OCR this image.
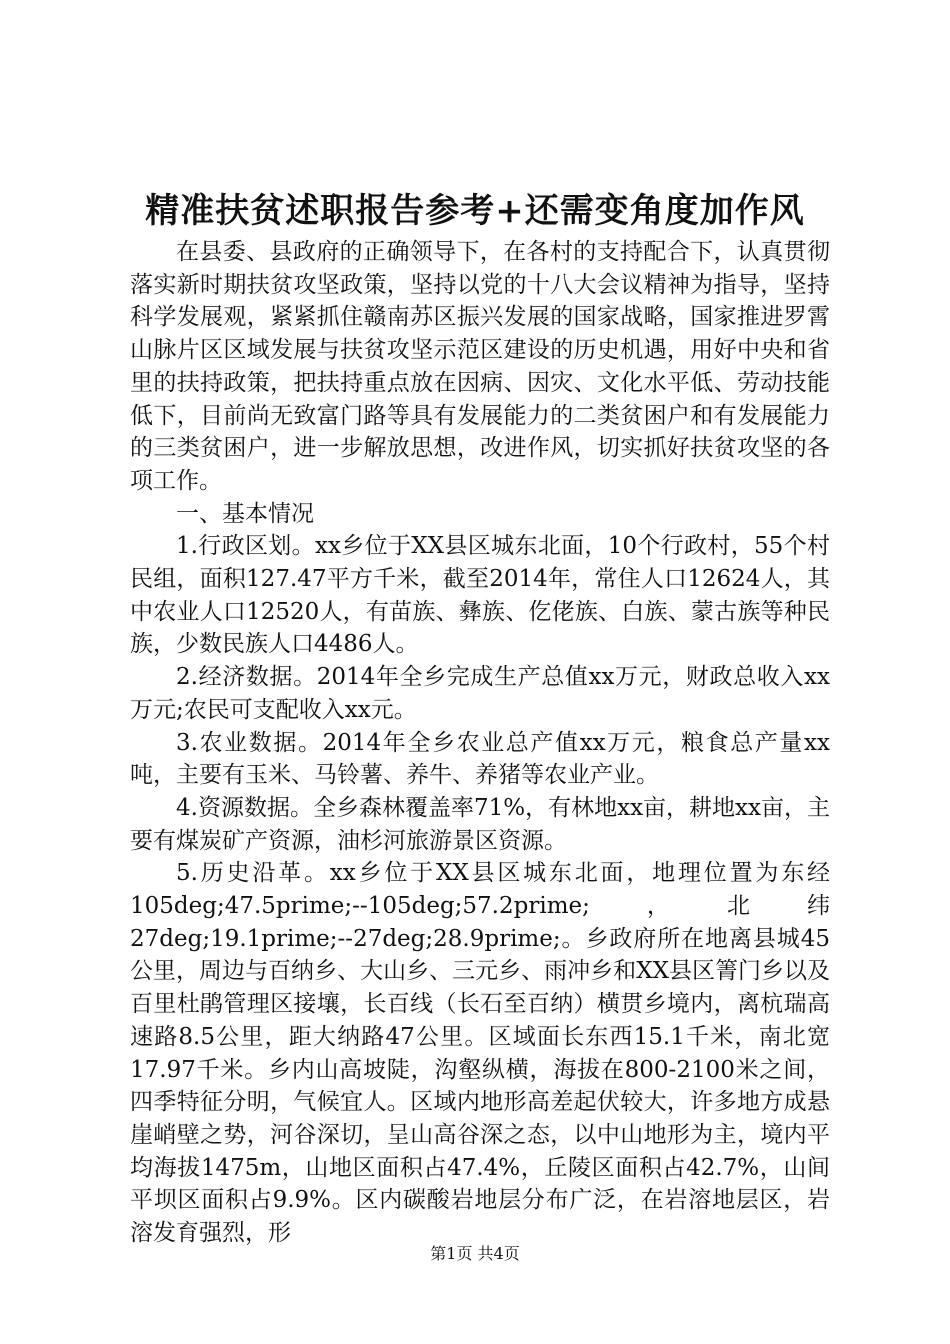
精准扶贫述职报告参考+还需变角度加作风

在县委、县政府的正确领导下，在各村的支持配合下，认真贯彻落实新时期扶贫攻坚政策，坚持以党的十八大会议精神为指导，坚持科学发展观，紧紧抓住赣南苏区振兴发展的国家战略，国家推进罗霄山脉片区区域发展与扶贫攻坚示范区建设的历史机遇，用好中央和省里的扶持政策，把扶持重点放在因病、因灾、文化水平低、劳动技能低下，目前尚无致富门路等具有发展能力的二类贫困户和有发展能力的三类贫困户，进一步解放思想，改进作风，切实抓好扶贫攻坚的各项工作。

一、基本情况

1.行政区划。xx乡位于XX县区城东北面，10个行政村，55个村民组，面积127.47平方千米，截至2014年，常住人口12624人，其中农业人口12520人，有苗族、彝族、仡佬族、白族、蒙古族等种民族，少数民族人口4486人。

2.经济数据。2014年全乡完成生产总值xx万元，财政总收入xx万元;农民可支配收入xx元。

3.农业数据。2014年全乡农业总产值xx万元，粮食总产量xx吨，主要有玉米、马铃薯、养牛、养猪等农业产业。

4.资源数据。全乡森林覆盖率71%，有林地xx亩，耕地xx亩，主要有煤炭矿产资源，油杉河旅游景区资源。

5.历史沿革。xx乡位于XX县区城东北面，地理位置为东经105deg;47.5prime;--105deg;57.2prime;，北纬27deg;19.1prime;--27deg;28.9prime;。乡政府所在地离县城45公里，周边与百纳乡、大山乡、三元乡、雨冲乡和XX县区箐门乡以及百里杜鹃管理区接壤，长百线（长石至百纳）横贯乡境内，离杭瑞高速路8.5公里，距大纳路47公里。区域面长东西15.1千米，南北宽17.97千米。乡内山高坡陡，沟壑纵横，海拔在800-2100米之间，四季特征分明，气候宜人。区域内地形高差起伏较大，许多地方成悬崖峭壁之势，河谷深切，呈山高谷深之态，以中山地形为主，境内平均海拔1475m，山地区面积占47.4%，丘陵区面积占42.7%，山间平坝区面积占9.9%。区内碳酸岩地层分布广泛，在岩溶地层区，岩溶发育强烈，形

第1页 共4页
